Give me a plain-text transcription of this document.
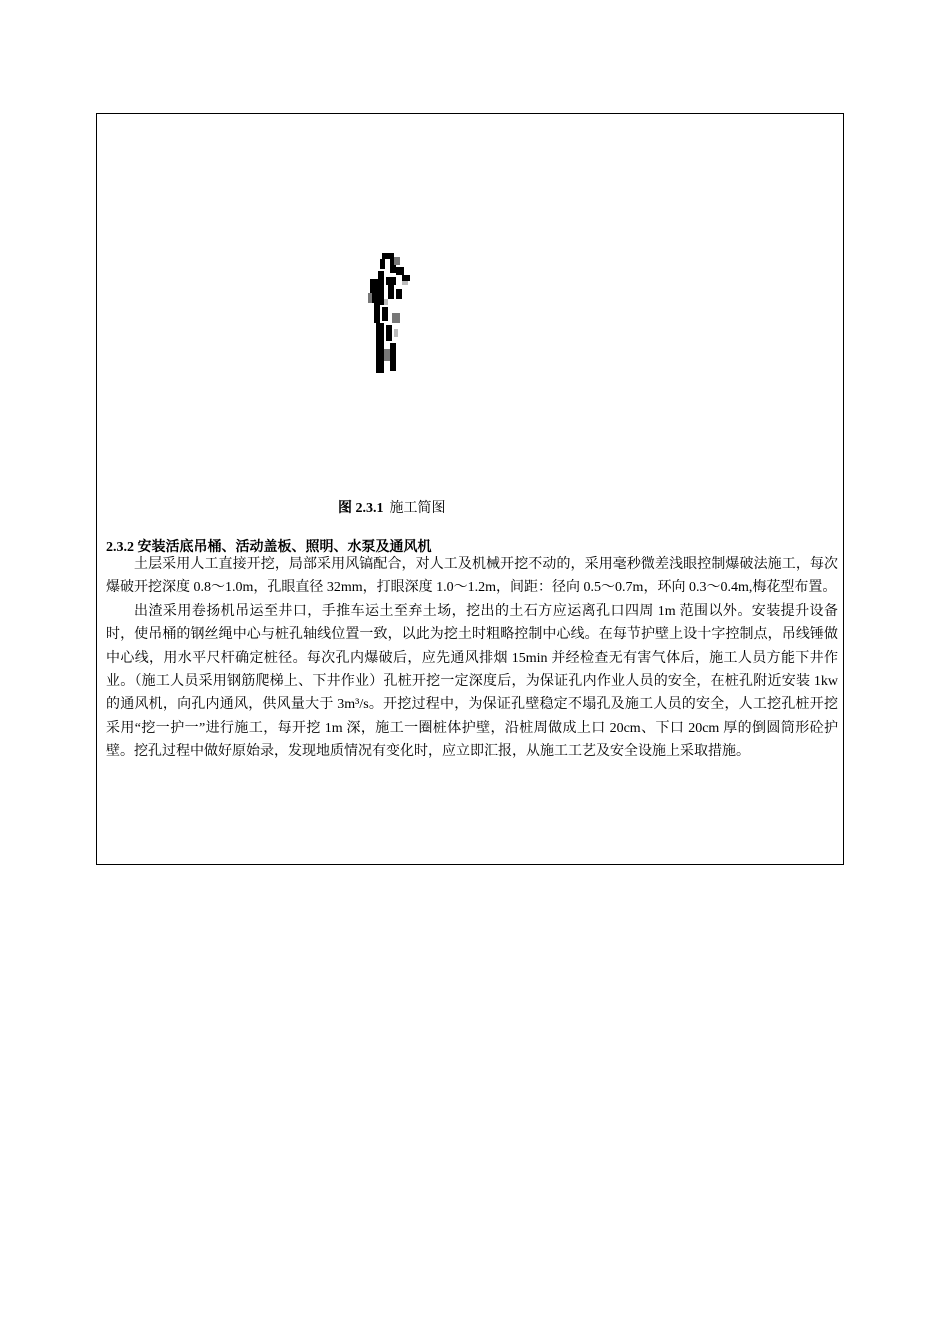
图 2.3.1 施工简图
2.3.2 安装活底吊桶、活动盖板、照明、水泵及通风机

土层采用人工直接开挖，局部采用风镐配合，对人工及机械开挖不动的，采用毫秒微差浅眼控制爆破法施工，每次爆破开挖深度 0.8～1.0m，孔眼直径 32mm，打眼深度 1.0～1.2m，间距：径向 0.5～0.7m，环向 0.3～0.4m,梅花型布置。

出渣采用卷扬机吊运至井口，手推车运土至弃土场，挖出的土石方应运离孔口四周 1m 范围以外。安装提升设备时，使吊桶的钢丝绳中心与桩孔轴线位置一致，以此为挖土时粗略控制中心线。在每节护壁上设十字控制点，吊线锤做中心线，用水平尺杆确定桩径。每次孔内爆破后，应先通风排烟 15min 并经检查无有害气体后，施工人员方能下井作业。（施工人员采用钢筋爬梯上、下井作业）孔桩开挖一定深度后，为保证孔内作业人员的安全，在桩孔附近安装 1kw 的通风机，向孔内通风，供风量大于 3m³/s。开挖过程中，为保证孔壁稳定不塌孔及施工人员的安全，人工挖孔桩开挖采用“挖一护一”进行施工，每开挖 1m 深，施工一圈桩体护壁，沿桩周做成上口 20cm、下口 20cm 厚的倒圆筒形砼护壁。挖孔过程中做好原始录，发现地质情况有变化时，应立即汇报，从施工工艺及安全设施上采取措施。
